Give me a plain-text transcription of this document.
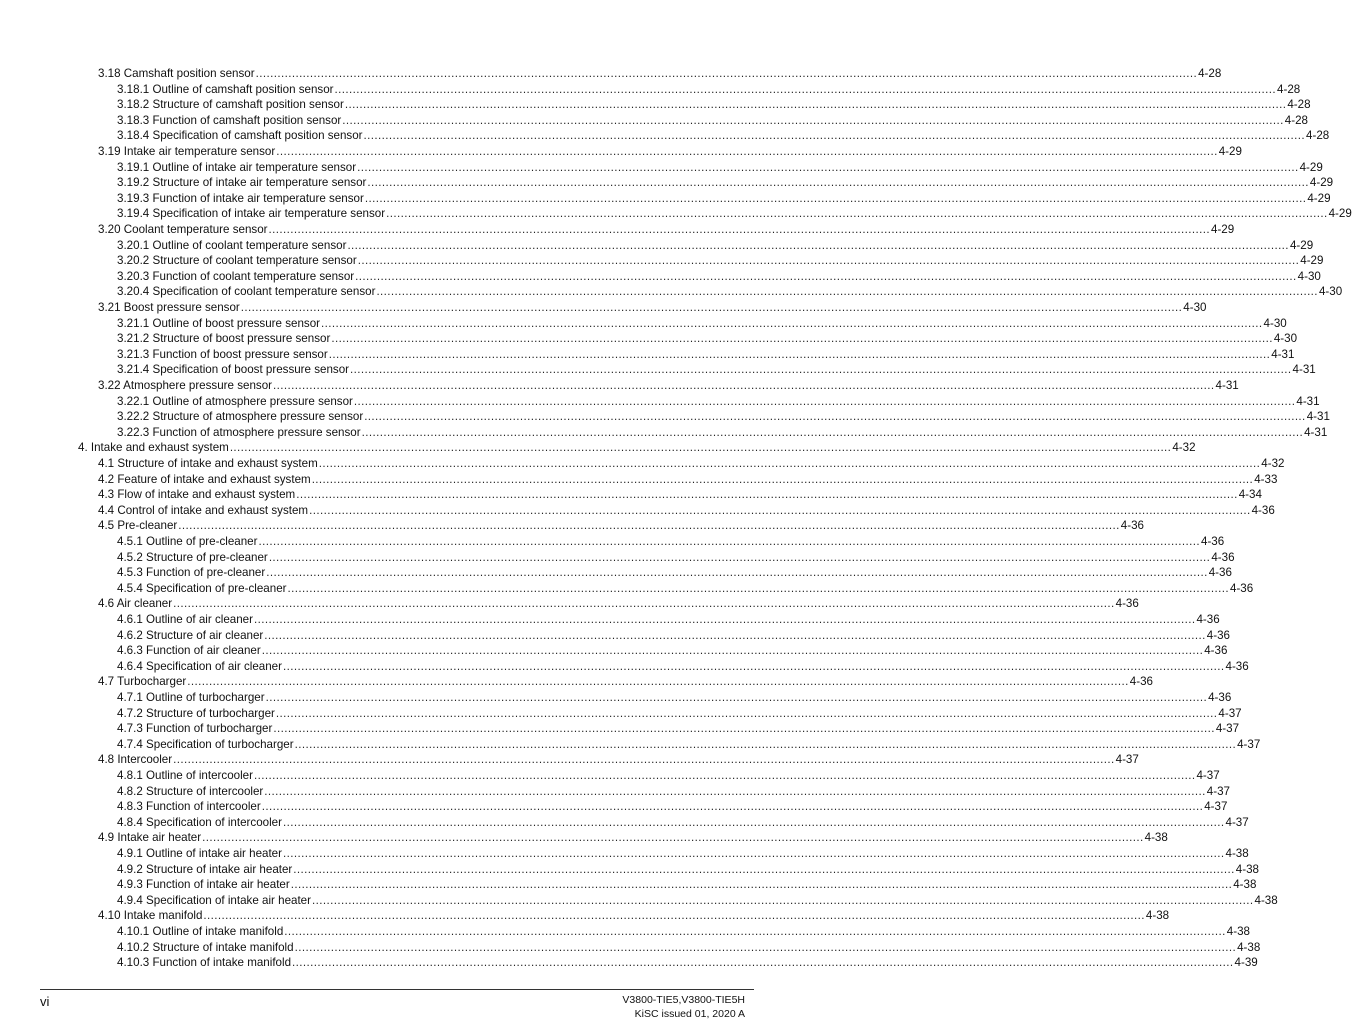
3.18 Camshaft position sensor .................................................................................................................................................................................................................................................................... 4-28
3.18.1 Outline of camshaft position sensor .................................................................................................................................................................................................................................................................... 4-28
3.18.2 Structure of camshaft position sensor .................................................................................................................................................................................................................................................................... 4-28
3.18.3 Function of camshaft position sensor .................................................................................................................................................................................................................................................................... 4-28
3.18.4 Specification of camshaft position sensor .................................................................................................................................................................................................................................................................... 4-28
3.19 Intake air temperature sensor .................................................................................................................................................................................................................................................................... 4-29
3.19.1 Outline of intake air temperature sensor .................................................................................................................................................................................................................................................................... 4-29
3.19.2 Structure of intake air temperature sensor .................................................................................................................................................................................................................................................................... 4-29
3.19.3 Function of intake air temperature sensor .................................................................................................................................................................................................................................................................... 4-29
3.19.4 Specification of intake air temperature sensor .................................................................................................................................................................................................................................................................... 4-29
3.20 Coolant temperature sensor .................................................................................................................................................................................................................................................................... 4-29
3.20.1 Outline of coolant temperature sensor .................................................................................................................................................................................................................................................................... 4-29
3.20.2 Structure of coolant temperature sensor .................................................................................................................................................................................................................................................................... 4-29
3.20.3 Function of coolant temperature sensor .................................................................................................................................................................................................................................................................... 4-30
3.20.4 Specification of coolant temperature sensor .................................................................................................................................................................................................................................................................... 4-30
3.21 Boost pressure sensor .................................................................................................................................................................................................................................................................... 4-30
3.21.1 Outline of boost pressure sensor .................................................................................................................................................................................................................................................................... 4-30
3.21.2 Structure of boost pressure sensor .................................................................................................................................................................................................................................................................... 4-30
3.21.3 Function of boost pressure sensor .................................................................................................................................................................................................................................................................... 4-31
3.21.4 Specification of boost pressure sensor .................................................................................................................................................................................................................................................................... 4-31
3.22 Atmosphere pressure sensor .................................................................................................................................................................................................................................................................... 4-31
3.22.1 Outline of atmosphere pressure sensor .................................................................................................................................................................................................................................................................... 4-31
3.22.2 Structure of atmosphere pressure sensor .................................................................................................................................................................................................................................................................... 4-31
3.22.3 Function of atmosphere pressure sensor .................................................................................................................................................................................................................................................................... 4-31
4. Intake and exhaust system .................................................................................................................................................................................................................................................................... 4-32
4.1 Structure of intake and exhaust system .................................................................................................................................................................................................................................................................... 4-32
4.2 Feature of intake and exhaust system .................................................................................................................................................................................................................................................................... 4-33
4.3 Flow of intake and exhaust system .................................................................................................................................................................................................................................................................... 4-34
4.4 Control of intake and exhaust system .................................................................................................................................................................................................................................................................... 4-36
4.5 Pre-cleaner .................................................................................................................................................................................................................................................................... 4-36
4.5.1 Outline of pre-cleaner .................................................................................................................................................................................................................................................................... 4-36
4.5.2 Structure of pre-cleaner .................................................................................................................................................................................................................................................................... 4-36
4.5.3 Function of pre-cleaner .................................................................................................................................................................................................................................................................... 4-36
4.5.4 Specification of pre-cleaner .................................................................................................................................................................................................................................................................... 4-36
4.6 Air cleaner .................................................................................................................................................................................................................................................................... 4-36
4.6.1 Outline of air cleaner .................................................................................................................................................................................................................................................................... 4-36
4.6.2 Structure of air cleaner .................................................................................................................................................................................................................................................................... 4-36
4.6.3 Function of air cleaner .................................................................................................................................................................................................................................................................... 4-36
4.6.4 Specification of air cleaner .................................................................................................................................................................................................................................................................... 4-36
4.7 Turbocharger .................................................................................................................................................................................................................................................................... 4-36
4.7.1 Outline of turbocharger .................................................................................................................................................................................................................................................................... 4-36
4.7.2 Structure of turbocharger .................................................................................................................................................................................................................................................................... 4-37
4.7.3 Function of turbocharger .................................................................................................................................................................................................................................................................... 4-37
4.7.4 Specification of turbocharger .................................................................................................................................................................................................................................................................... 4-37
4.8 Intercooler .................................................................................................................................................................................................................................................................... 4-37
4.8.1 Outline of intercooler .................................................................................................................................................................................................................................................................... 4-37
4.8.2 Structure of intercooler .................................................................................................................................................................................................................................................................... 4-37
4.8.3 Function of intercooler .................................................................................................................................................................................................................................................................... 4-37
4.8.4 Specification of intercooler .................................................................................................................................................................................................................................................................... 4-37
4.9 Intake air heater .................................................................................................................................................................................................................................................................... 4-38
4.9.1 Outline of intake air heater .................................................................................................................................................................................................................................................................... 4-38
4.9.2 Structure of intake air heater .................................................................................................................................................................................................................................................................... 4-38
4.9.3 Function of intake air heater .................................................................................................................................................................................................................................................................... 4-38
4.9.4 Specification of intake air heater .................................................................................................................................................................................................................................................................... 4-38
4.10 Intake manifold .................................................................................................................................................................................................................................................................... 4-38
4.10.1 Outline of intake manifold .................................................................................................................................................................................................................................................................... 4-38
4.10.2 Structure of intake manifold .................................................................................................................................................................................................................................................................... 4-38
4.10.3 Function of intake manifold .................................................................................................................................................................................................................................................................... 4-39
vi	V3800-TIE5,V3800-TIE5H
KiSC issued 01, 2020 A
